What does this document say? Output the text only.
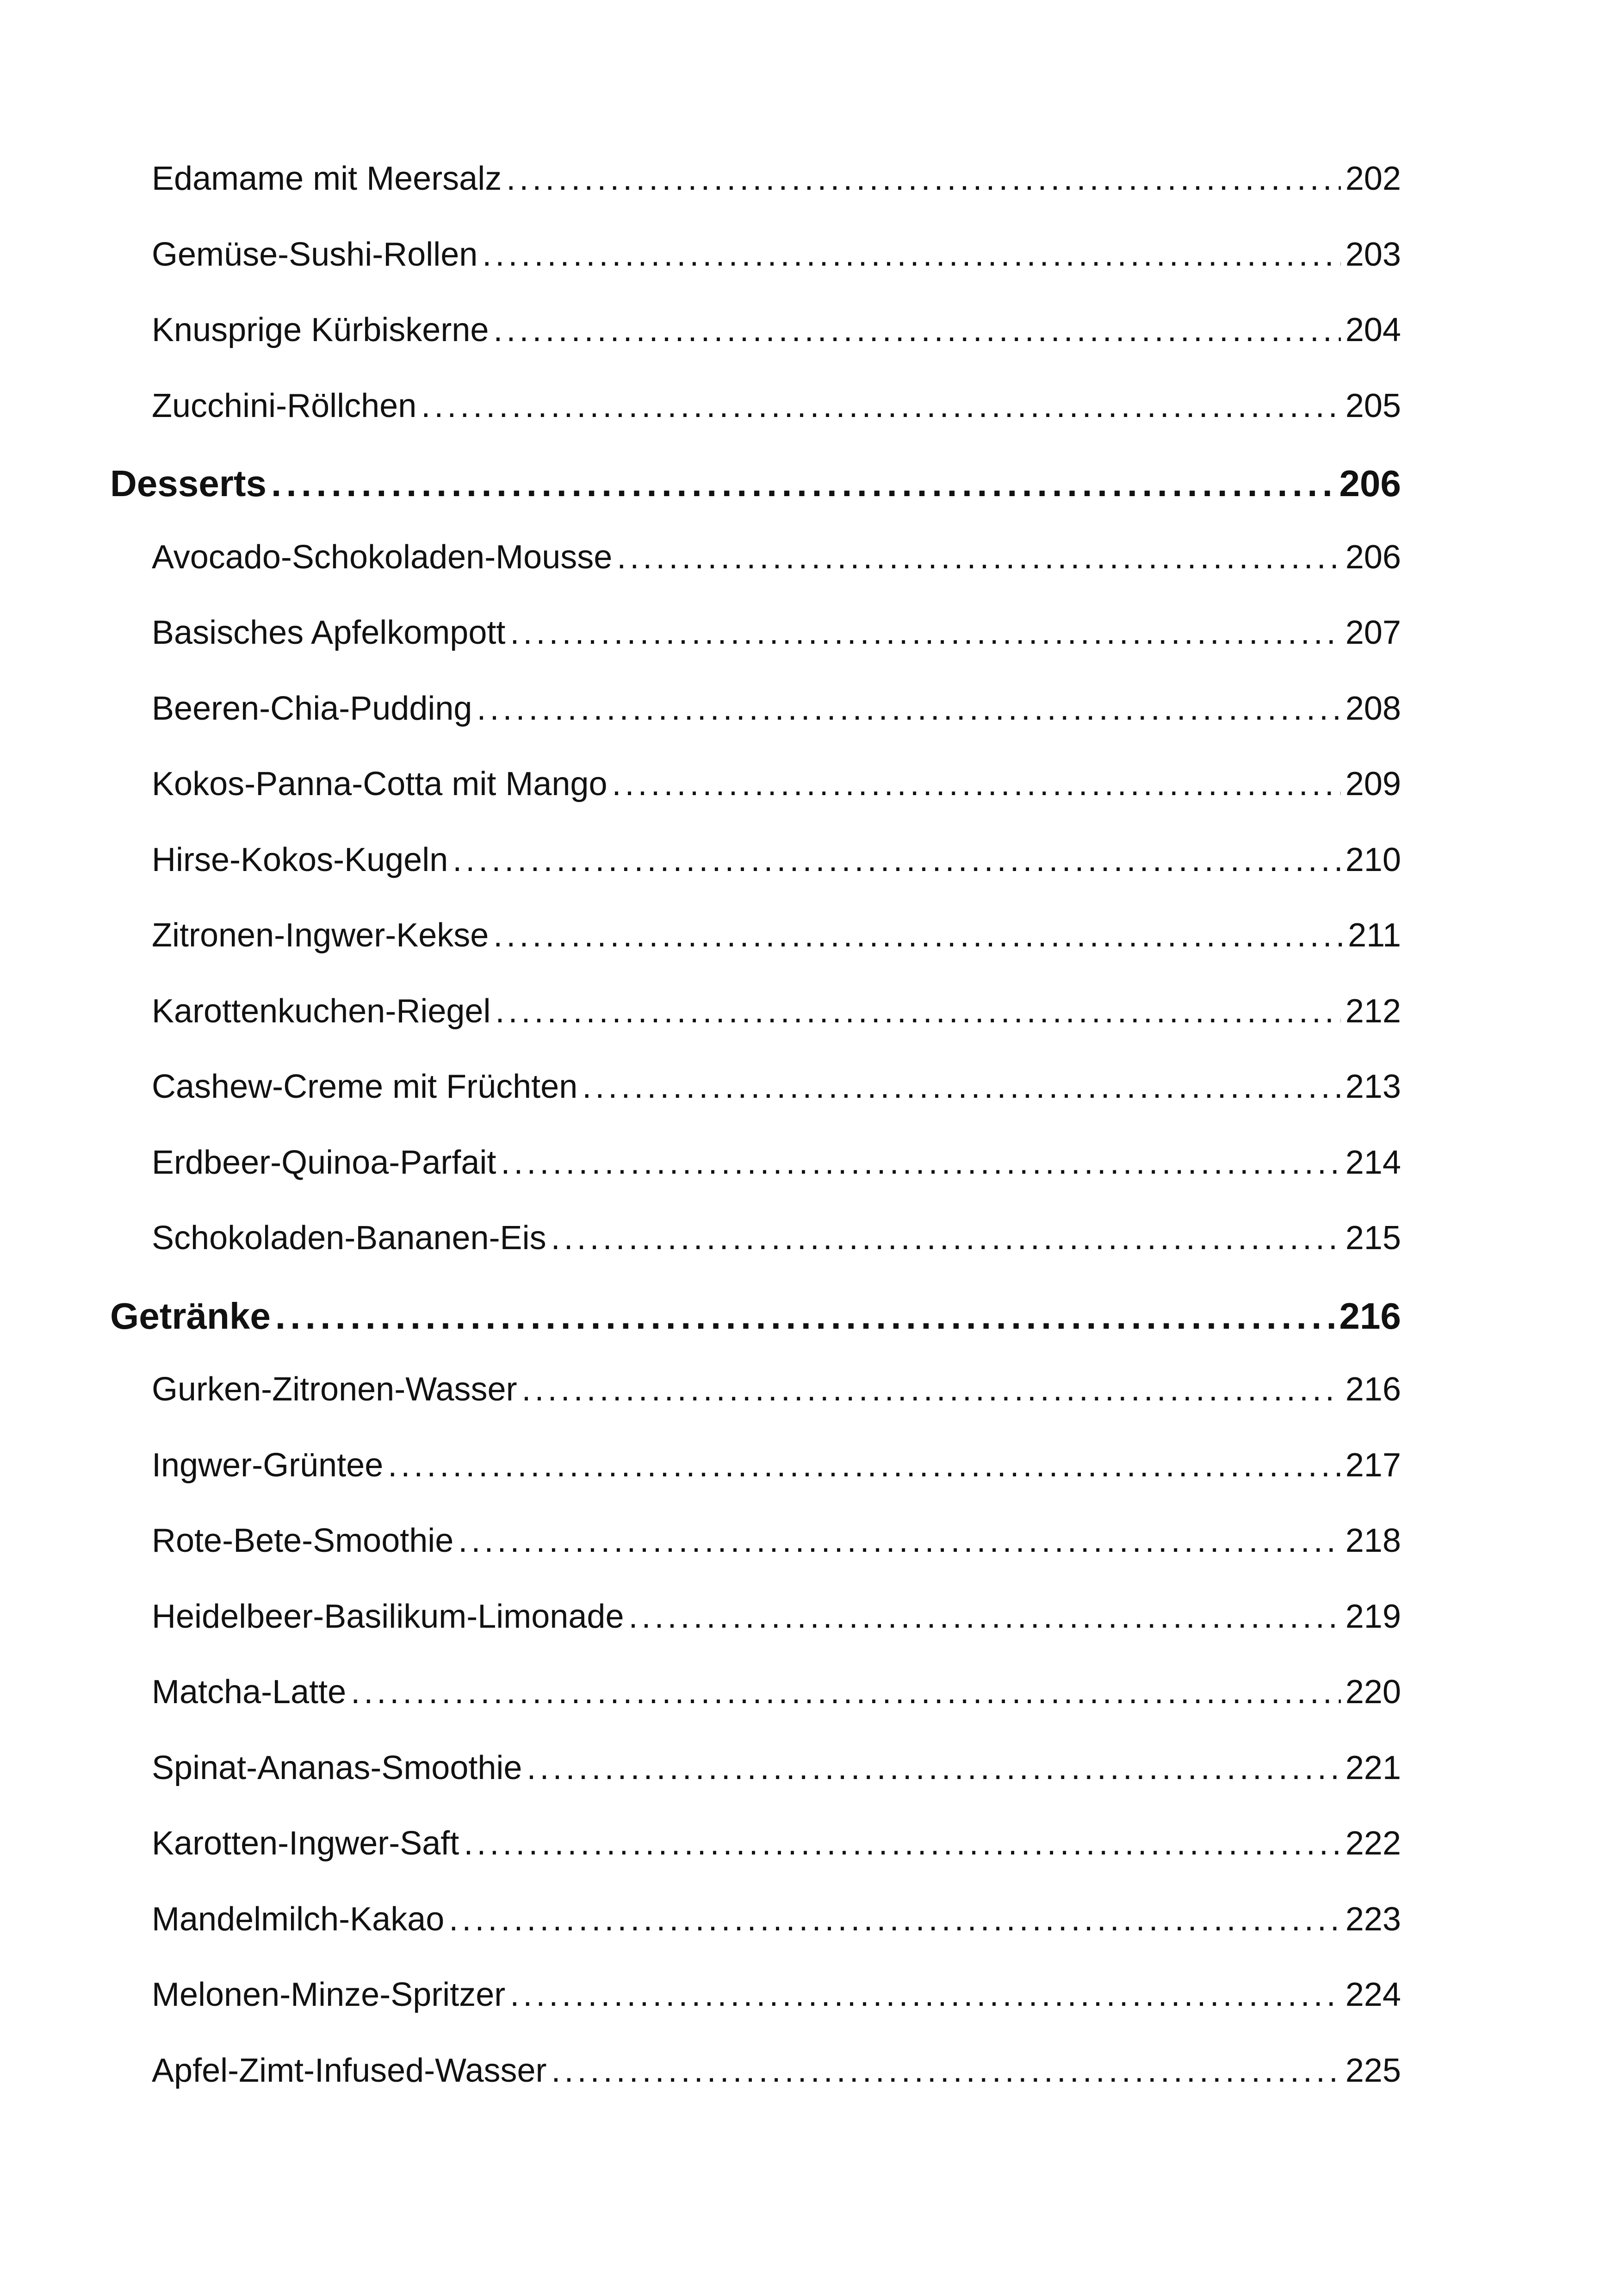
Edamame mit Meersalz . . .	202
Gemüse-Sushi-Rollen . . .	203
Knusprige Kürbiskerne . . .	204
Zucchini-Röllchen . . .	205
Desserts . . .	206
Avocado-Schokoladen-Mousse . . .	206
Basisches Apfelkompott . . .	207
Beeren-Chia-Pudding . . .	208
Kokos-Panna-Cotta mit Mango . . .	209
Hirse-Kokos-Kugeln . . .	210
Zitronen-Ingwer-Kekse . . .	211
Karottenkuchen-Riegel . . .	212
Cashew-Creme mit Früchten . . .	213
Erdbeer-Quinoa-Parfait . . .	214
Schokoladen-Bananen-Eis . . .	215
Getränke . . .	216
Gurken-Zitronen-Wasser . . .	216
Ingwer-Grüntee . . .	217
Rote-Bete-Smoothie . . .	218
Heidelbeer-Basilikum-Limonade . . .	219
Matcha-Latte . . .	220
Spinat-Ananas-Smoothie . . .	221
Karotten-Ingwer-Saft . . .	222
Mandelmilch-Kakao . . .	223
Melonen-Minze-Spritzer . . .	224
Apfel-Zimt-Infused-Wasser . . .	225
